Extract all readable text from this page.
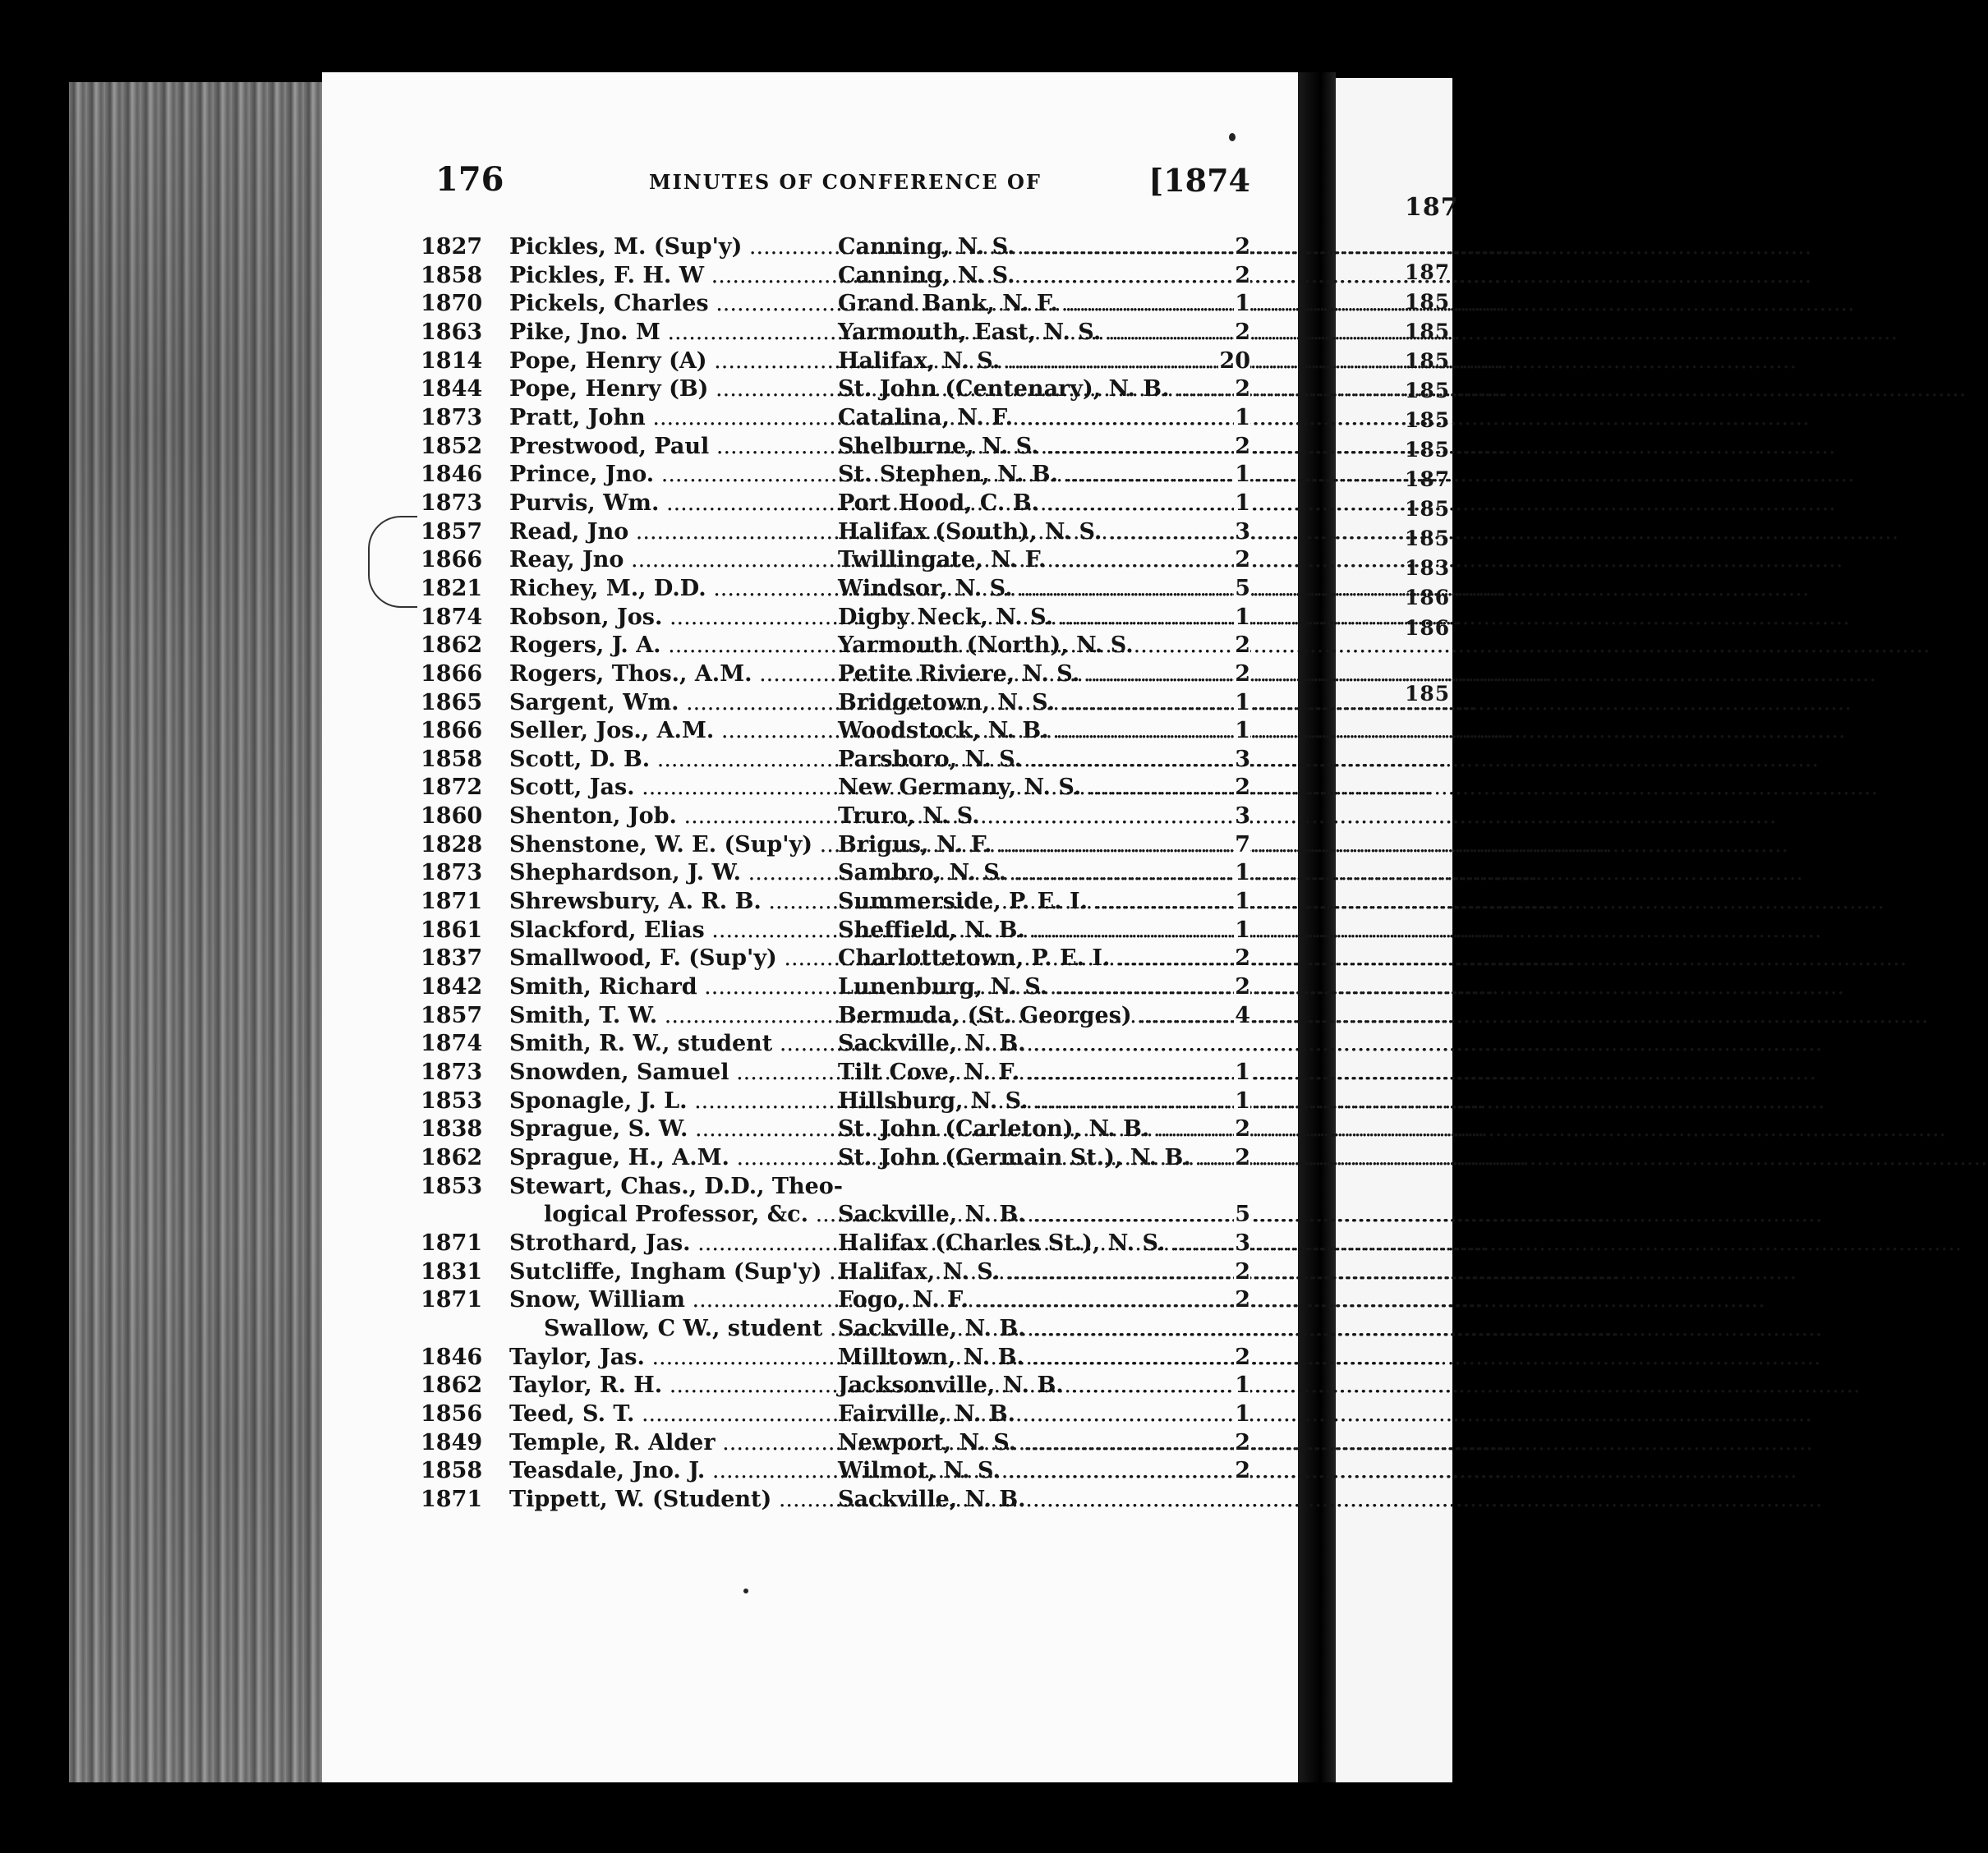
187
187
185
185
185
185
185
185
187
185
185
183
186
186
185
176	MINUTES OF CONFERENCE OF	[1874
1827	Pickles, M. (Sup'y) .....	Canning, N. S. .....	2
1858	Pickles, F. H. W .....	Canning, N. S. .....	2
1870	Pickels, Charles .....	Grand Bank, N. F. .....	1
1863	Pike, Jno. M .....	Yarmouth, East, N. S. .....	2
1814	Pope, Henry (A) .....	Halifax, N. S. .....	20
1844	Pope, Henry (B) .....	St. John (Centenary), N. B. .....	2
1873	Pratt, John .....	Catalina, N. F. .....	1
1852	Prestwood, Paul .....	Shelburne, N. S. .....	2
1846	Prince, Jno. .....	St. Stephen, N. B. .....	1
1873	Purvis, Wm. .....	Port Hood, C. B. .....	1
1857	Read, Jno .....	Halifax (South), N. S. .....	3
1866	Reay, Jno .....	Twillingate, N. F. .....	2
1821	Richey, M., D.D. .....	Windsor, N. S. .....	5
1874	Robson, Jos. .....	Digby Neck, N. S. .....	1
1862	Rogers, J. A. .....	Yarmouth (North), N. S. .....	2
1866	Rogers, Thos., A.M. .....	Petite Riviere, N. S. .....	2
1865	Sargent, Wm. .....	Bridgetown, N. S. .....	1
1866	Seller, Jos., A.M. .....	Woodstock, N. B. .....	1
1858	Scott, D. B. .....	Parsboro, N. S. .....	3
1872	Scott, Jas. .....	New Germany, N. S. .....	2
1860	Shenton, Job. .....	Truro, N. S. .....	3
1828	Shenstone, W. E. (Sup'y) .....	Brigus, N. F. .....	7
1873	Shephardson, J. W. .....	Sambro, N. S. .....	1
1871	Shrewsbury, A. R. B. .....	Summerside, P. E. I. .....	1
1861	Slackford, Elias .....	Sheffield, N. B. .....	1
1837	Smallwood, F. (Sup'y) .....	Charlottetown, P. E. I. .....	2
1842	Smith, Richard .....	Lunenburg, N. S. .....	2
1857	Smith, T. W. .....	Bermuda, (St. Georges) .....	4
1874	Smith, R. W., student .....	Sackville, N. B. .....
1873	Snowden, Samuel .....	Tilt Cove, N. F. .....	1
1853	Sponagle, J. L. .....	Hillsburg, N. S. .....	1
1838	Sprague, S. W. .....	St. John (Carleton), N. B. .....	2
1862	Sprague, H., A.M. .....	St. John (Germain St.), N. B. .....	2
1853	Stewart, Chas., D.D., Theo-
logical Professor, &c. .....	Sackville, N. B. .....	5
1871	Strothard, Jas. .....	Halifax (Charles St.), N. S. .....	3
1831	Sutcliffe, Ingham (Sup'y) ..... Halifax, N. S. .....	2
1871	Snow, William .....	Fogo, N. F. .....	2
Swallow, C W., student ..... Sackville, N. B. .....
1846	Taylor, Jas. .....	Milltown, N. B. .....	2
1862	Taylor, R. H. .....	Jacksonville, N. B. .....	1
1856	Teed, S. T. .....	Fairville, N. B. .....	1
1849	Temple, R. Alder .....	Newport, N. S. .....	2
1858	Teasdale, Jno. J. .....	Wilmot, N. S. .....	2
1871	Tippett, W. (Student) .....	Sackville, N. B. .....
